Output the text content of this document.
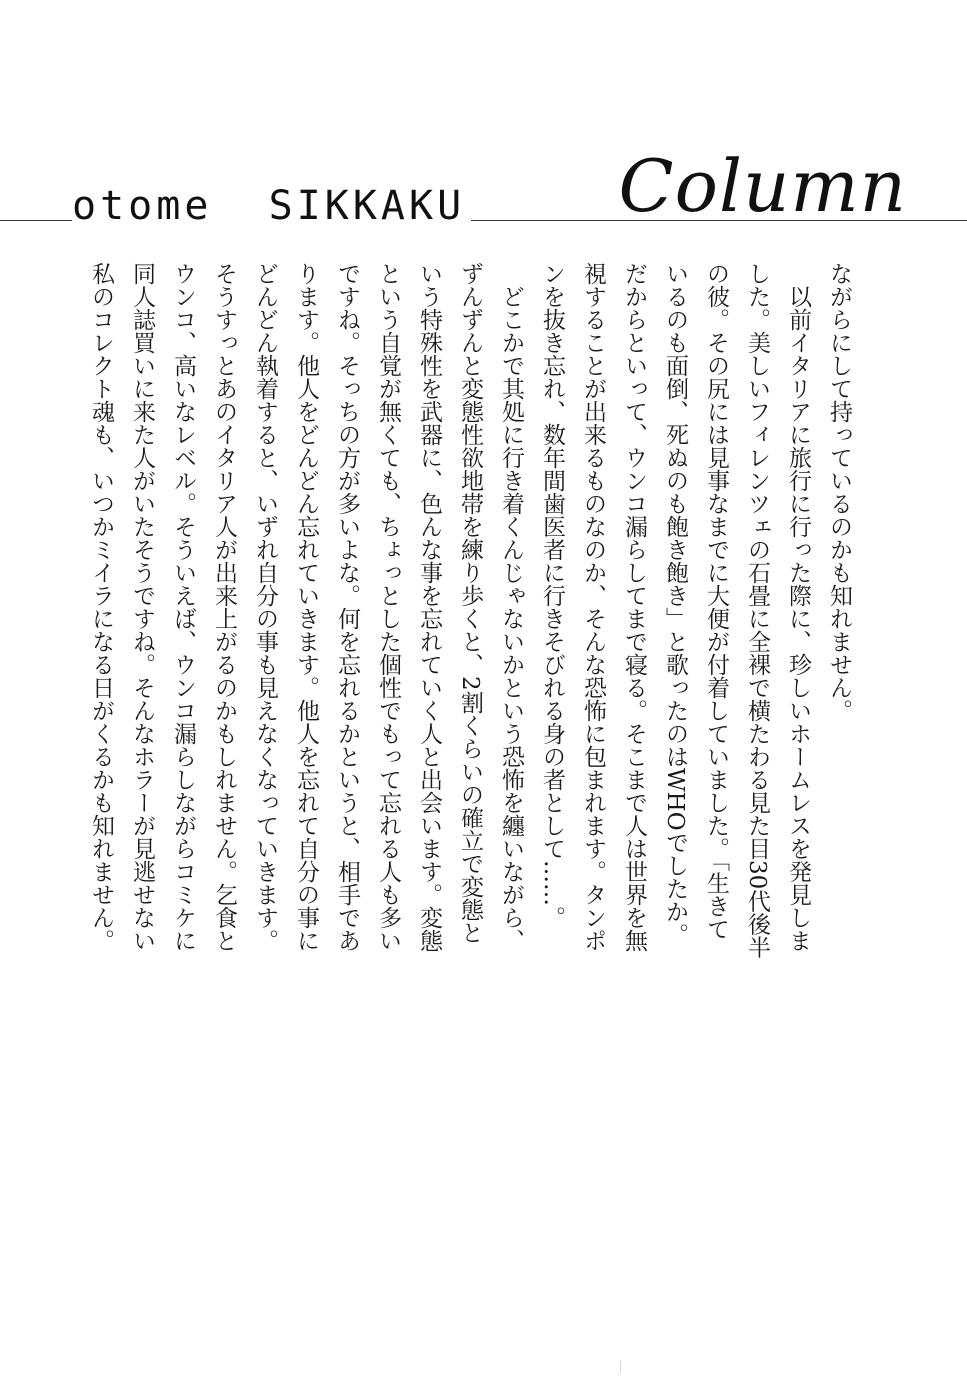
otome  SIKKAKU Column

ながらにして持っているのかも知れません。

以前イタリアに旅行に行った際に、珍しいホームレスを発見しました。美しいフィレンツェの石畳に全裸で横たわる見た目30代後半の彼。その尻には見事なまでに大便が付着していました。「生きているのも面倒、死ぬのも飽き飽き」と歌ったのはWHOでしたか。だからといって、ウンコ漏らしてまで寝る。そこまで人は世界を無視することが出来るものなのか、そんな恐怖に包まれます。タンポンを抜き忘れ、数年間歯医者に行きそびれる身の者として……。

どこかで其処に行き着くんじゃないかという恐怖を纏いながら、ずんずんと変態性欲地帯を練り歩くと、2割くらいの確立で変態という特殊性を武器に、色んな事を忘れていく人と出会います。変態という自覚が無くても、ちょっとした個性でもって忘れる人も多いですね。そっちの方が多いよな。何を忘れるかというと、相手であります。他人をどんどん忘れていきます。他人を忘れて自分の事にどんどん執着すると、いずれ自分の事も見えなくなっていきます。そうすっとあのイタリア人が出来上がるのかもしれません。乞食とウンコ、高いなレベル。そういえば、ウンコ漏らしながらコミケに同人誌買いに来た人がいたそうですね。そんなホラーが見逃せない私のコレクト魂も、いつかミイラになる日がくるかも知れません。
